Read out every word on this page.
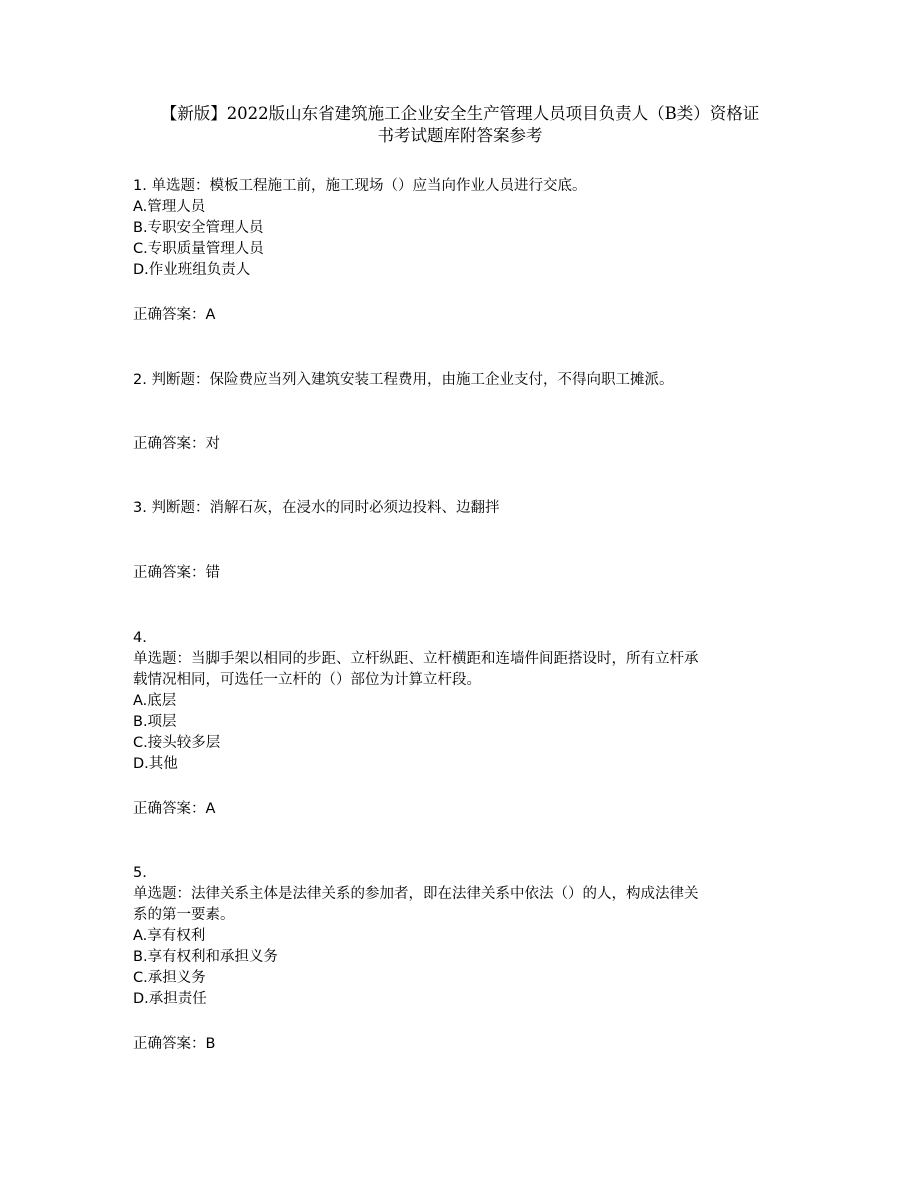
【新版】2022版山东省建筑施工企业安全生产管理人员项目负责人（B类）资格证
书考试题库附答案参考
1. 单选题：模板工程施工前，施工现场（）应当向作业人员进行交底。
A.管理人员
B.专职安全管理人员
C.专职质量管理人员
D.作业班组负责人
正确答案：A
2. 判断题：保险费应当列入建筑安装工程费用，由施工企业支付，不得向职工摊派。
正确答案：对
3. 判断题：消解石灰，在浸水的同时必须边投料、边翻拌
正确答案：错
4.
单选题：当脚手架以相同的步距、立杆纵距、立杆横距和连墙件间距搭设时，所有立杆承
载情况相同，可选任一立杆的（）部位为计算立杆段。
A.底层
B.项层
C.接头较多层
D.其他
正确答案：A
5.
单选题：法律关系主体是法律关系的参加者，即在法律关系中依法（）的人，构成法律关
系的第一要素。
A.享有权利
B.享有权利和承担义务
C.承担义务
D.承担责任
正确答案：B
